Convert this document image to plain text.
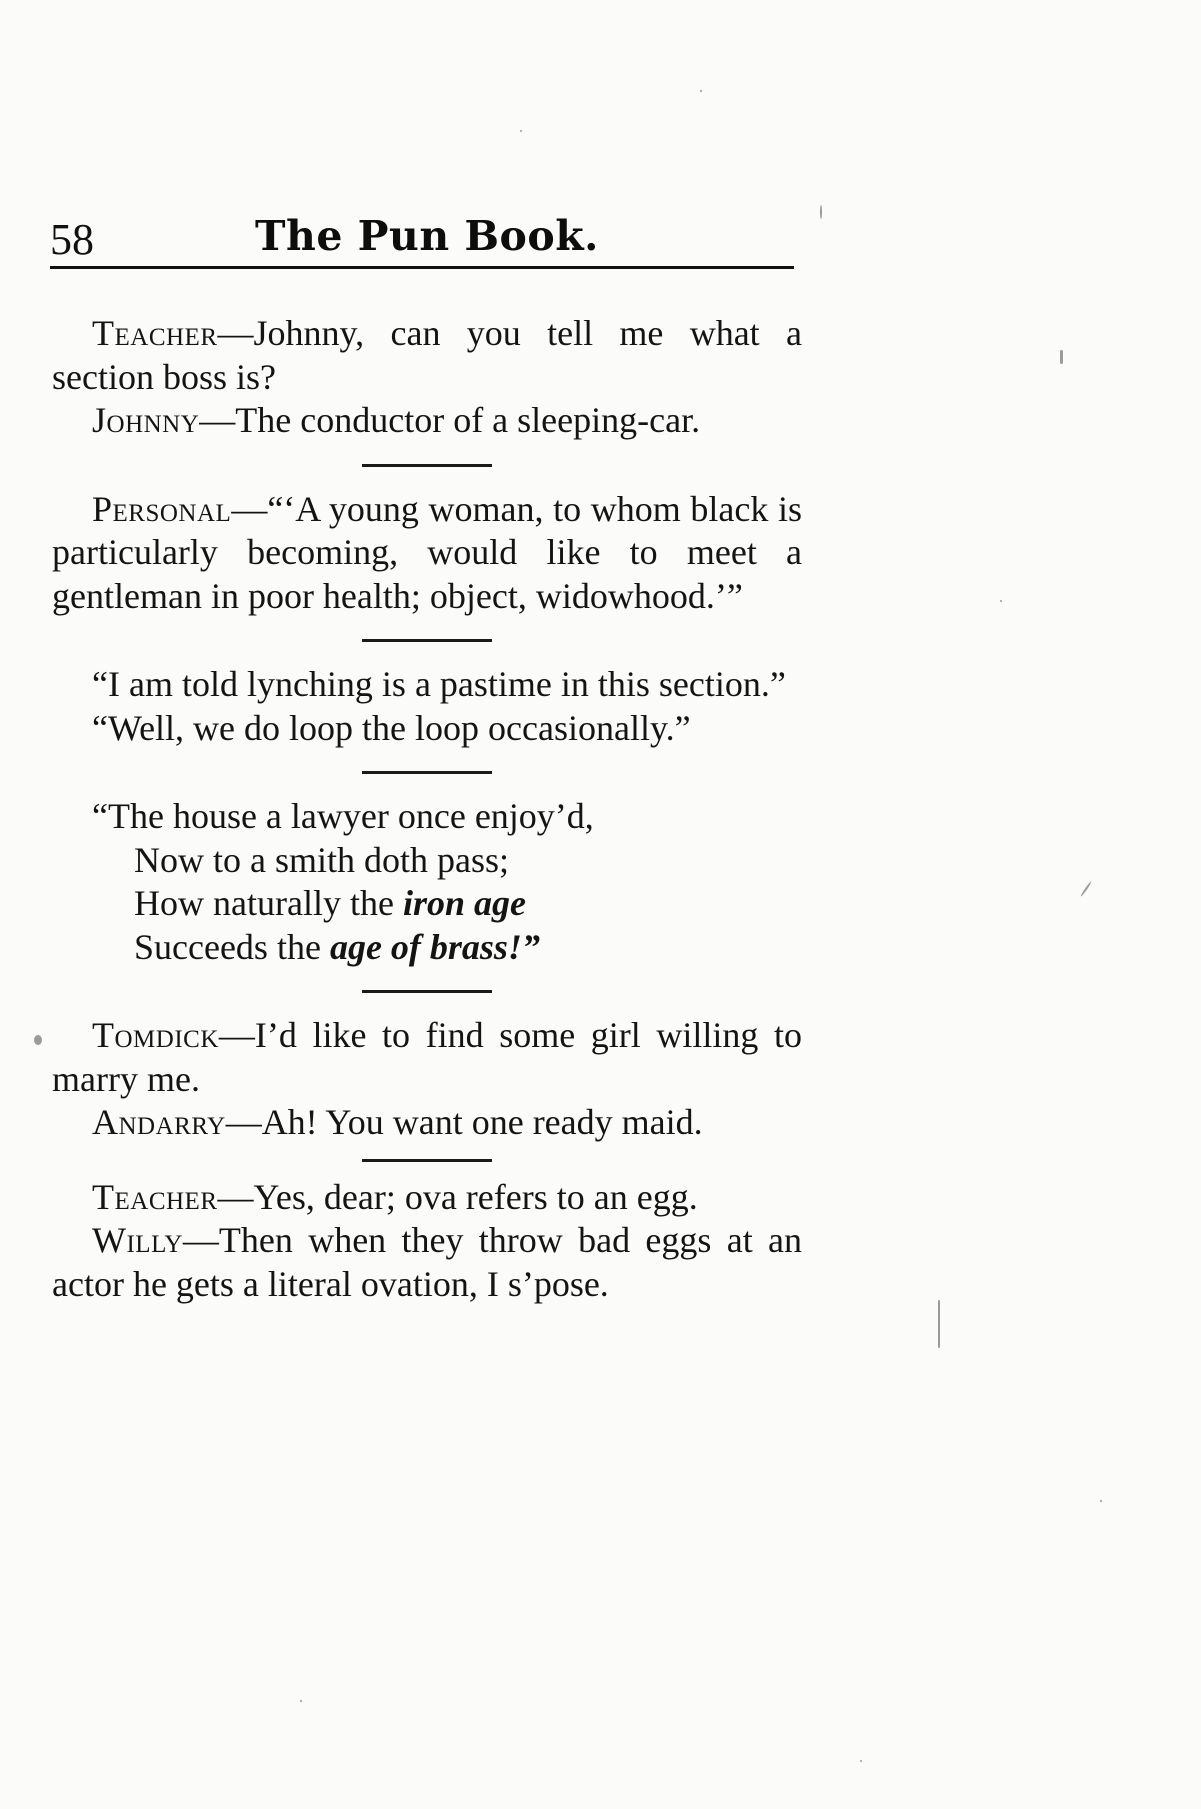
58	The Pun Book.

Teacher—Johnny, can you tell me what a section boss is?

Johnny—The conductor of a sleeping-car.

Personal—“‘A young woman, to whom black is particularly becoming, would like to meet a gentleman in poor health; object, widowhood.’”

“I am told lynching is a pastime in this section.”

“Well, we do loop the loop occasionally.”

“The house a lawyer once enjoy’d,
Now to a smith doth pass;
How naturally the iron age
Succeeds the age of brass!”

Tomdick—I’d like to find some girl willing to marry me.

Andarry—Ah! You want one ready maid.

Teacher—Yes, dear; ova refers to an egg.

Willy—Then when they throw bad eggs at an actor he gets a literal ovation, I s’pose.
